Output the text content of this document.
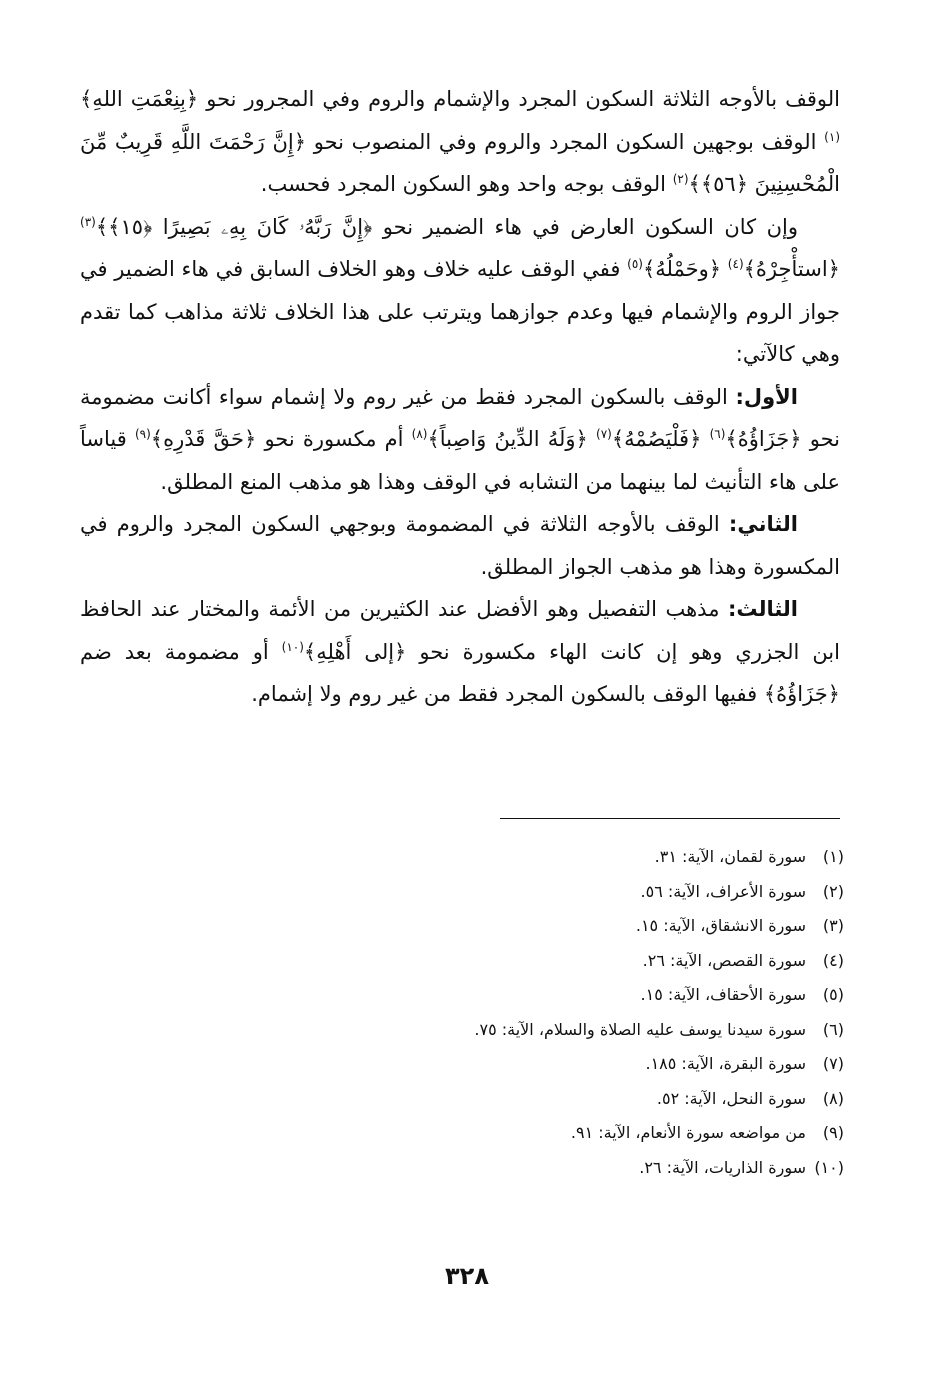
الوقف بالأوجه الثلاثة السكون المجرد والإشمام والروم وفي المجرور نحو ﴿بِنِعْمَتِ اللهِ﴾$^{(١)}$ الوقف بوجهين السكون المجرد والروم وفي المنصوب نحو ﴿إِنَّ رَحْمَتَ اللَّهِ قَرِيبٌ مِّنَ الْمُحْسِنِينَ ﴿٥٦﴾﴾$^{(٢)}$ الوقف بوجه واحد وهو السكون المجرد فحسب.

وإن كان السكون العارض في هاء الضمير نحو ﴿إِنَّ رَبَّهُۥ كَانَ بِهِۦ بَصِيرًا ﴿١٥﴾﴾$^{(٣)}$ ﴿استأْجِرْهُ﴾$^{(٤)}$ ﴿وحَمْلُهُ﴾$^{(٥)}$ ففي الوقف عليه خلاف وهو الخلاف السابق في هاء الضمير في جواز الروم والإشمام فيها وعدم جوازهما ويترتب على هذا الخلاف ثلاثة مذاهب كما تقدم وهي كالآتي:

الأول: الوقف بالسكون المجرد فقط من غير روم ولا إشمام سواء أكانت مضمومة نحو ﴿جَزَاؤُهُ﴾$^{(٦)}$ ﴿فَلْيَصُمْهُ﴾$^{(٧)}$ ﴿وَلَهُ الدِّينُ وَاصِباً﴾$^{(٨)}$ أم مكسورة نحو ﴿حَقَّ قَدْرِهِ﴾$^{(٩)}$ قياساً على هاء التأنيث لما بينهما من التشابه في الوقف وهذا هو مذهب المنع المطلق.

الثاني: الوقف بالأوجه الثلاثة في المضمومة وبوجهي السكون المجرد والروم في المكسورة وهذا هو مذهب الجواز المطلق.

الثالث: مذهب التفصيل وهو الأفضل عند الكثيرين من الأئمة والمختار عند الحافظ ابن الجزري وهو إن كانت الهاء مكسورة نحو ﴿إلى أَهْلِهِ﴾$^{(١٠)}$ أو مضمومة بعد ضم ﴿جَزَاؤُهُ﴾ ففيها الوقف بالسكون المجرد فقط من غير روم ولا إشمام.

(١)
سورة لقمان، الآية: ٣١.
(٢)
سورة الأعراف، الآية: ٥٦.
(٣)
سورة الانشقاق، الآية: ١٥.
(٤)
سورة القصص، الآية: ٢٦.
(٥)
سورة الأحقاف، الآية: ١٥.
(٦)
سورة سيدنا يوسف عليه الصلاة والسلام، الآية: ٧٥.
(٧)
سورة البقرة، الآية: ١٨٥.
(٨)
سورة النحل، الآية: ٥٢.
(٩)
من مواضعه سورة الأنعام، الآية: ٩١.
(١٠)
سورة الذاريات، الآية: ٢٦.
٣٢٨
